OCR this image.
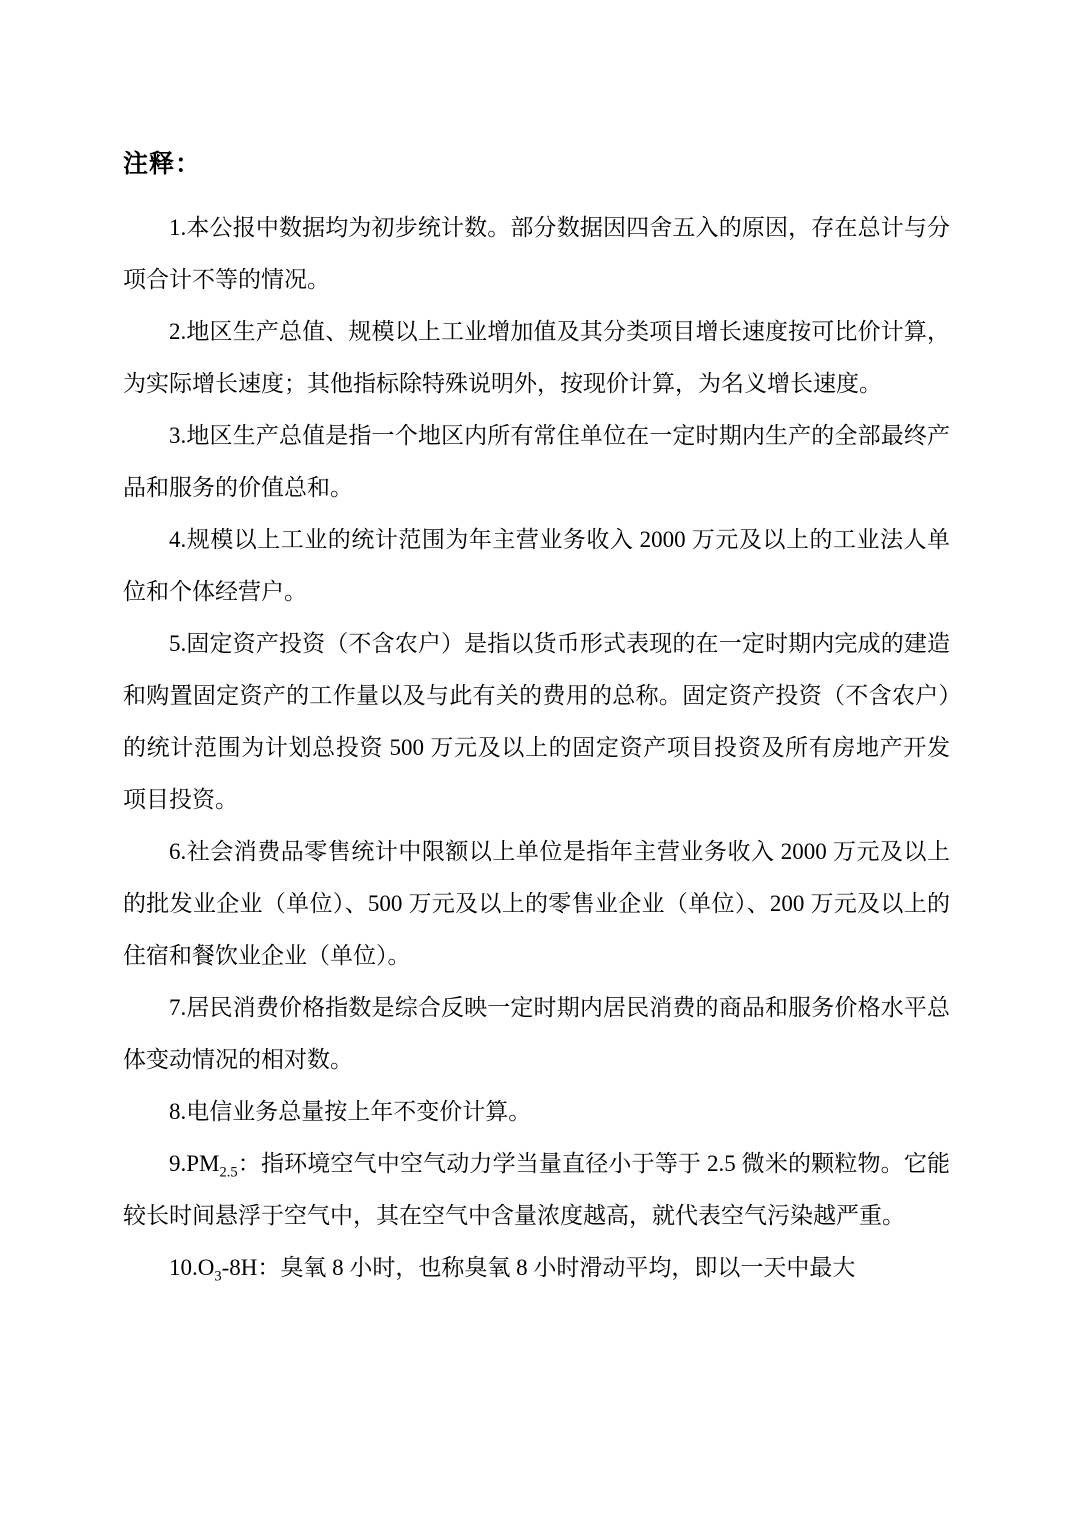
注释：

1.本公报中数据均为初步统计数。部分数据因四舍五入的原因，存在总计与分项合计不等的情况。

2.地区生产总值、规模以上工业增加值及其分类项目增长速度按可比价计算，为实际增长速度；其他指标除特殊说明外，按现价计算，为名义增长速度。

3.地区生产总值是指一个地区内所有常住单位在一定时期内生产的全部最终产品和服务的价值总和。

4.规模以上工业的统计范围为年主营业务收入 2000 万元及以上的工业法人单位和个体经营户。

5.固定资产投资（不含农户）是指以货币形式表现的在一定时期内完成的建造和购置固定资产的工作量以及与此有关的费用的总称。固定资产投资（不含农户）的统计范围为计划总投资 500 万元及以上的固定资产项目投资及所有房地产开发项目投资。

6.社会消费品零售统计中限额以上单位是指年主营业务收入 2000 万元及以上的批发业企业（单位）、500 万元及以上的零售业企业（单位）、200 万元及以上的住宿和餐饮业企业（单位）。

7.居民消费价格指数是综合反映一定时期内居民消费的商品和服务价格水平总体变动情况的相对数。

8.电信业务总量按上年不变价计算。

$9.PM_{2.5}$：指环境空气中空气动力学当量直径小于等于 2.5 微米的颗粒物。它能较长时间悬浮于空气中，其在空气中含量浓度越高，就代表空气污染越严重。

$10.O_3-8H$：臭氧 8 小时，也称臭氧 8 小时滑动平均，即以一天中最大
